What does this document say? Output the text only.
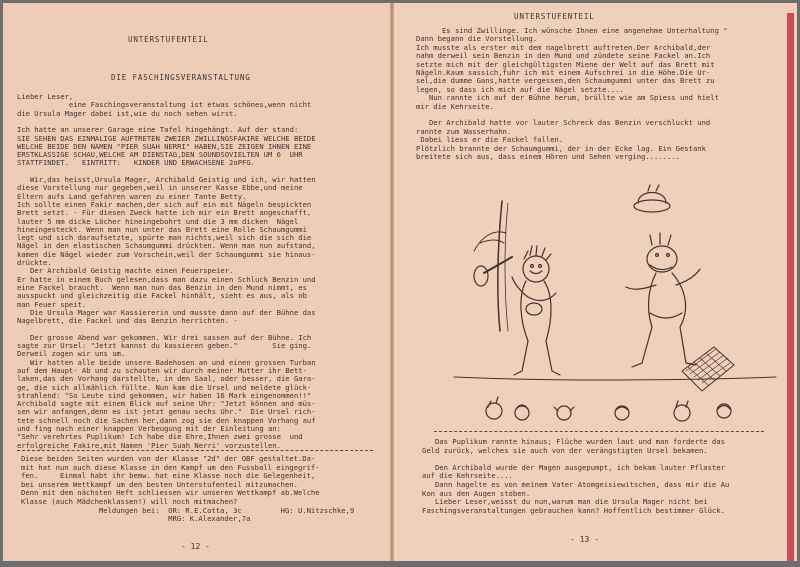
UNTERSTUFENTEIL
DIE FASCHINGSVERANSTALTUNG
Lieber Leser,
eine Faschingsveranstaltung ist etwas schönes,wenn nicht
die Ursula Mager dabei ist,wie du noch sehen wirst.
Ich hatte an unserer Garage eine Tafel hingehängt. Auf der stand:
SIE SEHEN DAS EINMALIGE AUFTRETEN ZWEIER ZWILLINGSFAKIRE WELCHE BEIDE
WELCHE BEIDE DEN NAMEN "PIER SUAH NERRI" HABEN,SIE ZEIGEN IHNEN EINE
ERSTKLASSIGE SCHAU,WELCHE AM DIENSTAG,DEN SOUNDSOVIELTEN UM 6  UHR
STATTFINDET.   EINTRITT:   KINDER UND ERWACHSENE 2oPFG.
Wir,das heisst,Ursula Mager, Archibald Geistig und ich, wir hatten
diese Vorstellung nur gegeben,weil in unserer Kasse Ebbe,und meine
Eltern aufs Land gefahren waren zu einer Tante Betty.
Ich sollte einen Fakir machen,der sich auf ein mit Nägeln bespickten
Brett setzt. - Für diesen Zweck hatte ich mir ein Brett angeschafft,
lauter 5 mm dicke Löcher hineingebohrt und die 3 mm dicken  Nägel
hineingesteckt. Wenn man nun unter das Brett eine Rolle Schaumgummi
legt und sich daraufsetzte, spürte man nichts,weil sich die sich die
Nägel in den elastischen Schaumgummi drückten. Wenn man nun aufstand,
kamen die Nägel wieder zum Vorschein,weil der Schaumgummi sie hinaus-
drückte.
Der Archibald Geistig machte einen Feuerspeier.
Er hatte in einem Buch gelesen,dass man dazu einen Schluck Benzin und
eine Fackel braucht.  Wenn man nun das Benzin in den Mund nimmt, es
ausspuckt und gleichzeitig die Fackel hinhält, sieht es aus, als ob
man Feuer speit.
Die Ursula Mager war Kassiererin und musste dann auf der Bühne das
Nagelbrett, die Fackel und das Benzin herrichten. -
Der grosse Abend war gekommen. Wir drei sassen auf der Bühne. Ich
sagte zur Ursel: "Jetzt kannst du kassieren geben."        Sie ging.
Derweil zogen wir uns um.
Wir hatten alle beide unsere Badehosen an und einen grossen Turban
auf dem Haupt- Ab und zu schauten wir durch meiner Mutter ihr Bett-
laken,das den Vorhang darstellte, in den Saal, oder besser, die Gara-
ge, die sich allmählich füllte. Nun kam die Ursel und meldete glück-
strahlend: "So Leute sind gekommen, wir haben 16 Mark eingenommen!!"
Archibald sagte mit einem Blick auf seine Uhr: "Jetzt können and müs-
sen wir anfangen,denn es ist jetzt genau sechs Uhr."  Die Ursel rich-
tete schnell noch die Sachen her,dann zog sie den knappen Vorhang auf
und fing nach einer knappen Verbeugung mit der Einleitung an:
"Sehr verehrtes Puplikum! Ich habe die Ehre,Ihnen zwei grosse  und
erfolgreiche Fakire,mit Namen 'Pier Suah Nerri' vorzustellen.
Diese beiden Seiten wurden von der Klasse "2d" der OBF gestaltet.Da-
mit hat nun auch diese Klasse in den Kampf um den Fussball eingegrif-
fen.     Einmal habt ihr bemw. hat eine Klasse noch die Gelegenheit,
bei unserem Wettkampf um den besten Unterstufenteil mitzumachen.
Denn mit dem nächsten Heft schliessen wir unseren Wettkampf ab.Welche
Klasse (auch Mädchenklassen!) will noch mitmachen?
Meldungen bei:  OR: R.E.Cotta, 3c         HG: U.Nitzschke,9
MRG: K.Alexander,7a
- 12 -
UNTERSTUFENTEIL
Es sind Zwillinge. Ich wünsche Ihnen eine angenehme Unterhaltung "
Dann begann die Vorstellung.
Ich musste als erster mit dem nagelbrett auftreten.Der Archibald,der
nahm derweil sein Benzin in den Mund und zündete seine Fackel an.Ich
setzte mich mit der gleichgültigsten Miene der Welt auf das Brett mit
Nägeln.Kaum sassich,fuhr ich mit einem Aufschrei in die Höhe.Die Ur-
sel,die dumme Gans,hatte vergessen,den Schaumgummi unter das Brett zu
legen, so dass ich mich auf die Nägel setzte....
Nun rannte ich auf der Bühne herum, brüllte wie am Spiess und hielt
mir die Kehrseite.
Der Archibald hatte vor lauter Schreck das Benzin verschluckt und
rannte zum Wasserhahn.
Dabei liess er die Fackel fallen.
Plötzlich brannte der Schaumgummi, der in der Ecke lag. Ein Gestank
breitete sich aus, dass einem Hören und Sehen verging........
Das Puplikum rannte hinaus; Flüche wurden laut und man forderte das
Geld zurück, welches sie auch von der verängstigten Ursel bekamen.
Den Archibald wurde der Magen ausgepumpt, ich bekam lauter Pflaster
auf die Kehrseite....
Dann hagelte es von meinem Vater Atomgeisiewitschen, dass mir die Au
Kon aus den Augen stoben.
Lieber Leser,weisst du nun,warum man die Ursula Mager nicht bei
Faschingsveranstaltungen gebrauchen kann? Hoffentlich bestimmer Glück.
- 13 -
